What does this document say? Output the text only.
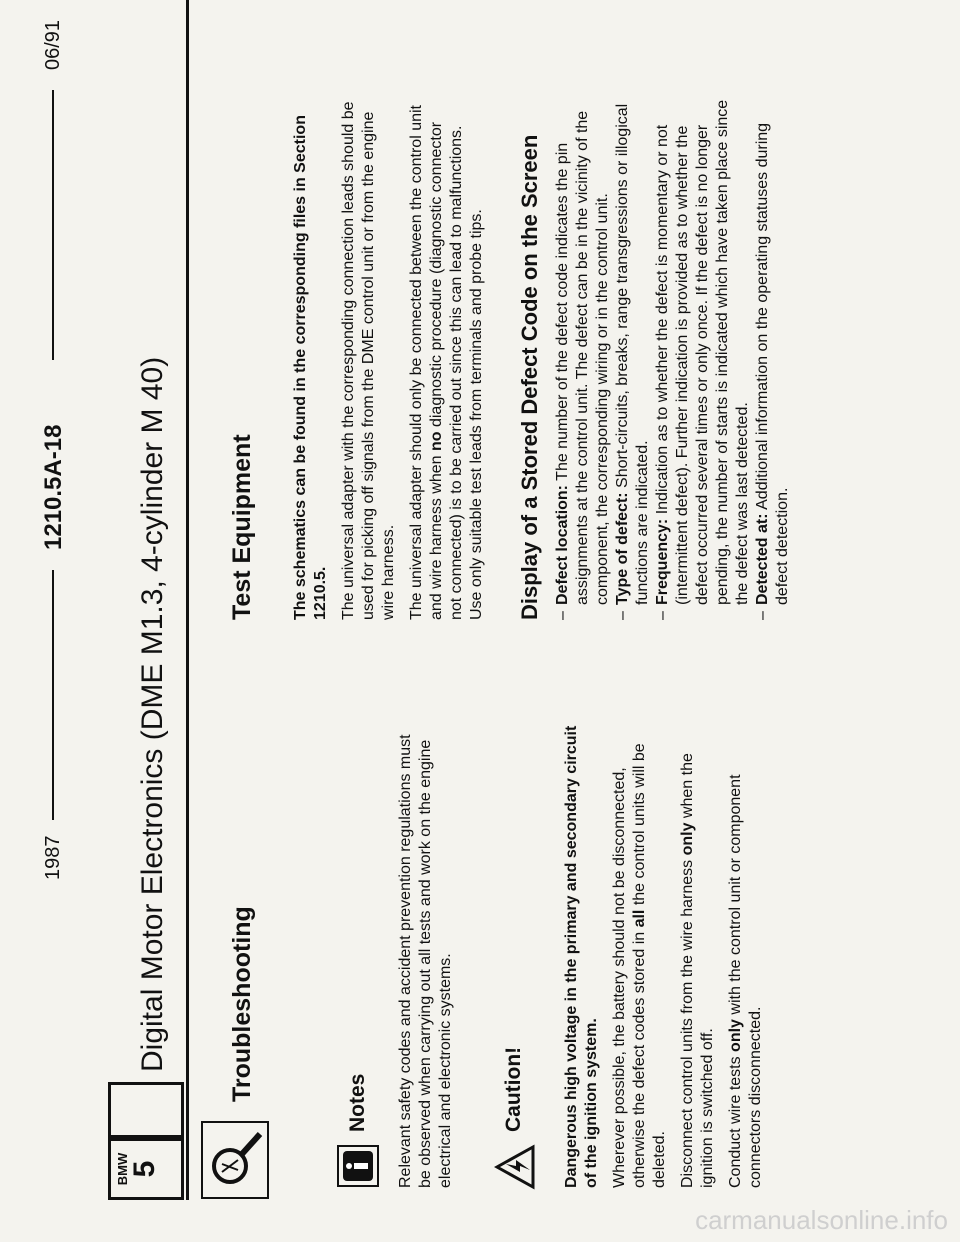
06/91
1210.5A-18
1987
BMW
5
Digital Motor Electronics (DME M1.3, 4-cylinder M 40) Troubleshooting
Notes Relevant safety codes and accident prevention regulations must be observed when carrying out all tests and work on the engine electrical and electronic systems. Caution! Dangerous high voltage in the primary and secondary circuit of the ignition system. Wherever possible, the battery should not be disconnected, otherwise the defect codes stored in all the control units will be deleted. Disconnect control units from the wire harness only when the ignition is switched off. Conduct wire tests only with the control unit or component connectors disconnected.

Test Equipment The schematics can be found in the corresponding files in Section 1210.5. The universal adapter with the corresponding connection leads should be used for picking off signals from the DME control unit or from the engine wire harness. The universal adapter should only be connected between the control unit and wire harness when no diagnostic procedure (diagnostic connector not connected) is to be carried out since this can lead to malfunctions. Use only suitable test leads from terminals and probe tips. Display of a Stored Defect Code on the Screen – Defect location: The number of the defect code indicates the pin assignments at the control unit. The defect can be in the vicinity of the component, the corresponding wiring or in the control unit. – Type of defect: Short-circuits, breaks, range transgressions or illogical functions are indicated. – Frequency: Indication as to whether the defect is momentary or not (intermittent defect). Further indication is provided as to whether the defect occurred several times or only once. If the defect is no longer pending, the number of starts is indicated which have taken place since the defect was last detected. – Detected at: Additional information on the operating statuses during defect detection.
carmanualsonline.info
